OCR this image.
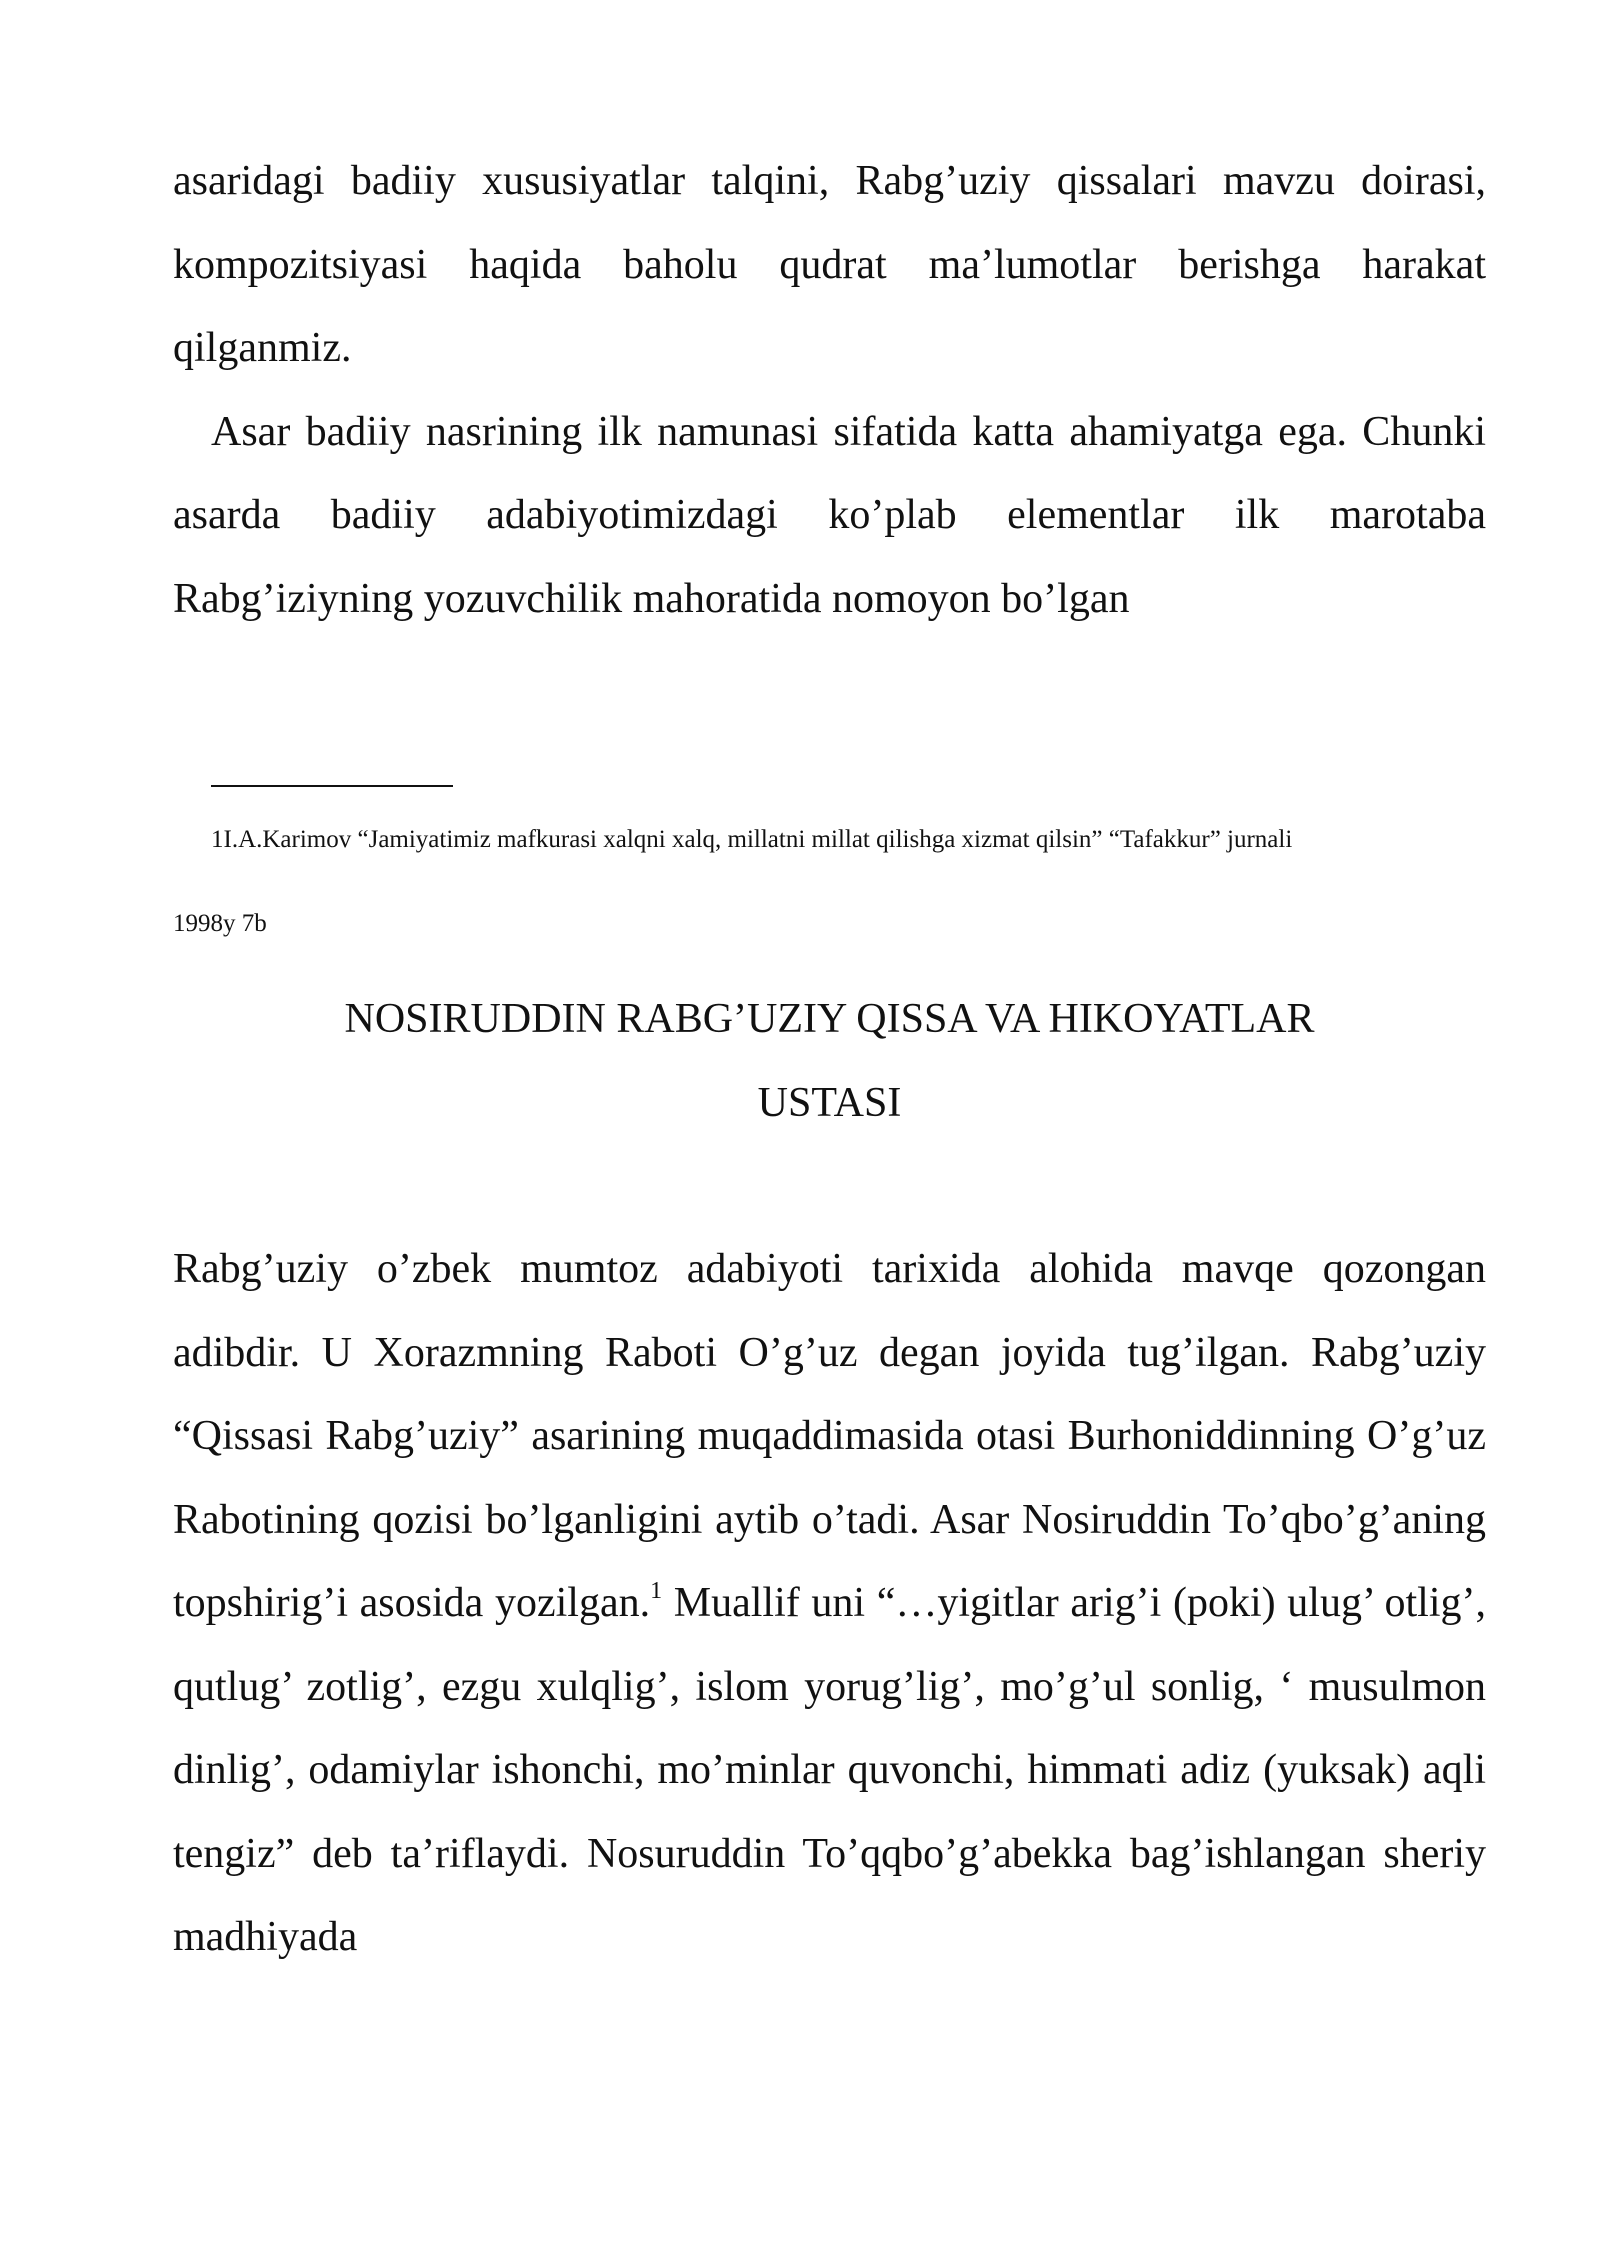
asaridagi badiiy xususiyatlar talqini, Rabg’uziy qissalari mavzu doirasi, kompozitsiyasi haqida baholu qudrat ma’lumotlar berishga harakat qilganmiz.

Asar badiiy nasrining ilk namunasi sifatida katta ahamiyatga ega. Chunki asarda badiiy adabiyotimizdagi ko’plab elementlar ilk marotaba Rabg’iziyning yozuvchilik mahoratida nomoyon bo’lgan

1I.A.Karimov “Jamiyatimiz mafkurasi xalqni xalq, millatni millat qilishga xizmat qilsin” “Tafakkur” jurnali
1998y 7b
NOSIRUDDIN RABG’UZIY QISSA VA HIKOYATLAR
USTASI

Rabg’uziy o’zbek mumtoz adabiyoti tarixida alohida mavqe qozongan adibdir. U Xorazmning Raboti O’g’uz degan joyida tug’ilgan. Rabg’uziy “Qissasi Rabg’uziy” asarining muqaddimasida otasi Burhoniddinning O’g’uz Rabotining qozisi bo’lganligini aytib o’tadi. Asar Nosiruddin To’qbo’g’aning topshirig’i asosida yozilgan.$^1$ Muallif uni “…yigitlar arig’i (poki) ulug’ otlig’, qutlug’ zotlig’, ezgu xulqlig’, islom yorug’lig’, mo’g’ul sonlig, ‘ musulmon dinlig’, odamiylar ishonchi, mo’minlar quvonchi, himmati adiz (yuksak) aqli tengiz” deb ta’riflaydi. Nosuruddin To’qqbo’g’abekka bag’ishlangan sheriy madhiyada
